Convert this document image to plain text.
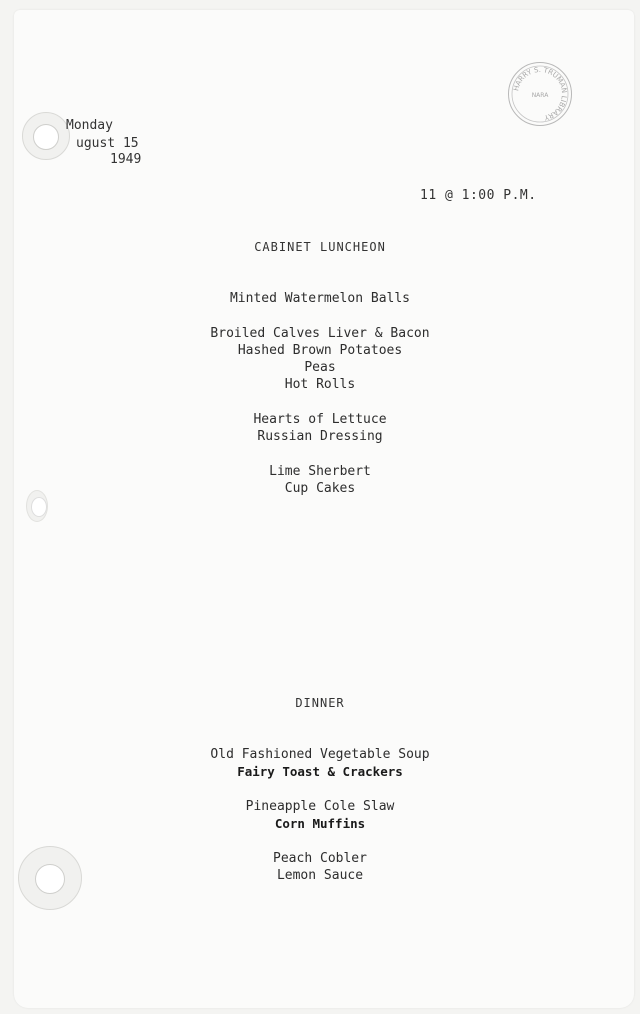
HARRY S. TRUMAN LIBRARY
NARA
Monday
ugust 15
1949
11 @ 1:00 P.M.
CABINET LUNCHEON
Minted Watermelon Balls
Broiled Calves Liver & Bacon
Hashed Brown Potatoes
Peas
Hot Rolls
Hearts of Lettuce
Russian Dressing
Lime Sherbert
Cup Cakes
DINNER
Old Fashioned Vegetable Soup
Fairy Toast & Crackers
Pineapple Cole Slaw
Corn Muffins
Peach Cobler
Lemon Sauce
